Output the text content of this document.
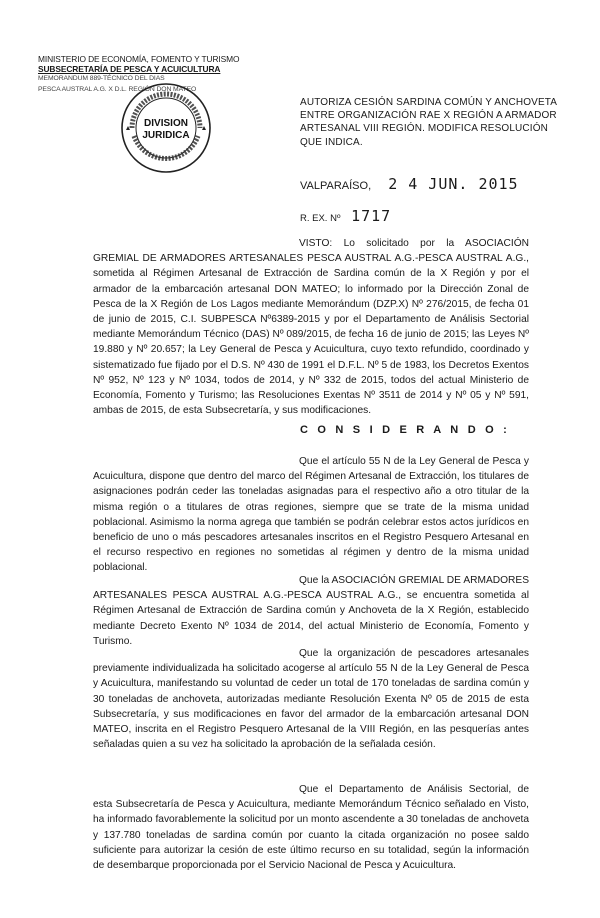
MINISTERIO DE ECONOMÍA, FOMENTO Y TURISMO
SUBSECRETARÍA DE PESCA Y ACUICULTURA
MEMORANDUM 889-TÉCNICO DEL DIAS
PESCA AUSTRAL A.G. X D.L. REGIÓN DON MATEO
DIVISION
JURIDICA
AUTORIZA CESIÓN SARDINA COMÚN Y ANCHOVETA ENTRE ORGANIZACIÓN RAE X REGIÓN A ARMADOR ARTESANAL VIII REGIÓN. MODIFICA RESOLUCIÓN QUE INDICA.
VALPARAÍSO, 2 4 JUN. 2015
R. EX. Nº 1717
VISTO: Lo solicitado por la ASOCIACIÓN GREMIAL DE ARMADORES ARTESANALES PESCA AUSTRAL A.G.-PESCA AUSTRAL A.G., sometida al Régimen Artesanal de Extracción de Sardina común de la X Región y por el armador de la embarcación artesanal DON MATEO; lo informado por la Dirección Zonal de Pesca de la X Región de Los Lagos mediante Memorándum (DZP.X) Nº 276/2015, de fecha 01 de junio de 2015, C.I. SUBPESCA Nº6389-2015 y por el Departamento de Análisis Sectorial mediante Memorándum Técnico (DAS) Nº 089/2015, de fecha 16 de junio de 2015; las Leyes Nº 19.880 y Nº 20.657; la Ley General de Pesca y Acuicultura, cuyo texto refundido, coordinado y sistematizado fue fijado por el D.S. Nº 430 de 1991 el D.F.L. Nº 5 de 1983, los Decretos Exentos Nº 952, Nº 123 y Nº 1034, todos de 2014, y Nº 332 de 2015, todos del actual Ministerio de Economía, Fomento y Turismo; las Resoluciones Exentas Nº 3511 de 2014 y Nº 05 y Nº 591, ambas de 2015, de esta Subsecretaría, y sus modificaciones.
C O N S I D E R A N D O :
Que el artículo 55 N de la Ley General de Pesca y Acuicultura, dispone que dentro del marco del Régimen Artesanal de Extracción, los titulares de asignaciones podrán ceder las toneladas asignadas para el respectivo año a otro titular de la misma región o a titulares de otras regiones, siempre que se trate de la misma unidad poblacional. Asimismo la norma agrega que también se podrán celebrar estos actos jurídicos en beneficio de uno o más pescadores artesanales inscritos en el Registro Pesquero Artesanal en el recurso respectivo en regiones no sometidas al régimen y dentro de la misma unidad poblacional.
Que la ASOCIACIÓN GREMIAL DE ARMADORES ARTESANALES PESCA AUSTRAL A.G.-PESCA AUSTRAL A.G., se encuentra sometida al Régimen Artesanal de Extracción de Sardina común y Anchoveta de la X Región, establecido mediante Decreto Exento Nº 1034 de 2014, del actual Ministerio de Economía, Fomento y Turismo.
Que la organización de pescadores artesanales previamente individualizada ha solicitado acogerse al artículo 55 N de la Ley General de Pesca y Acuicultura, manifestando su voluntad de ceder un total de 170 toneladas de sardina común y 30 toneladas de anchoveta, autorizadas mediante Resolución Exenta Nº 05 de 2015 de esta Subsecretaría, y sus modificaciones en favor del armador de la embarcación artesanal DON MATEO, inscrita en el Registro Pesquero Artesanal de la VIII Región, en las pesquerías antes señaladas quien a su vez ha solicitado la aprobación de la señalada cesión.
Que el Departamento de Análisis Sectorial, de esta Subsecretaría de Pesca y Acuicultura, mediante Memorándum Técnico señalado en Visto, ha informado favorablemente la solicitud por un monto ascendente a 30 toneladas de anchoveta y 137.780 toneladas de sardina común por cuanto la citada organización no posee saldo suficiente para autorizar la cesión de este último recurso en su totalidad, según la información de desembarque proporcionada por el Servicio Nacional de Pesca y Acuicultura.
